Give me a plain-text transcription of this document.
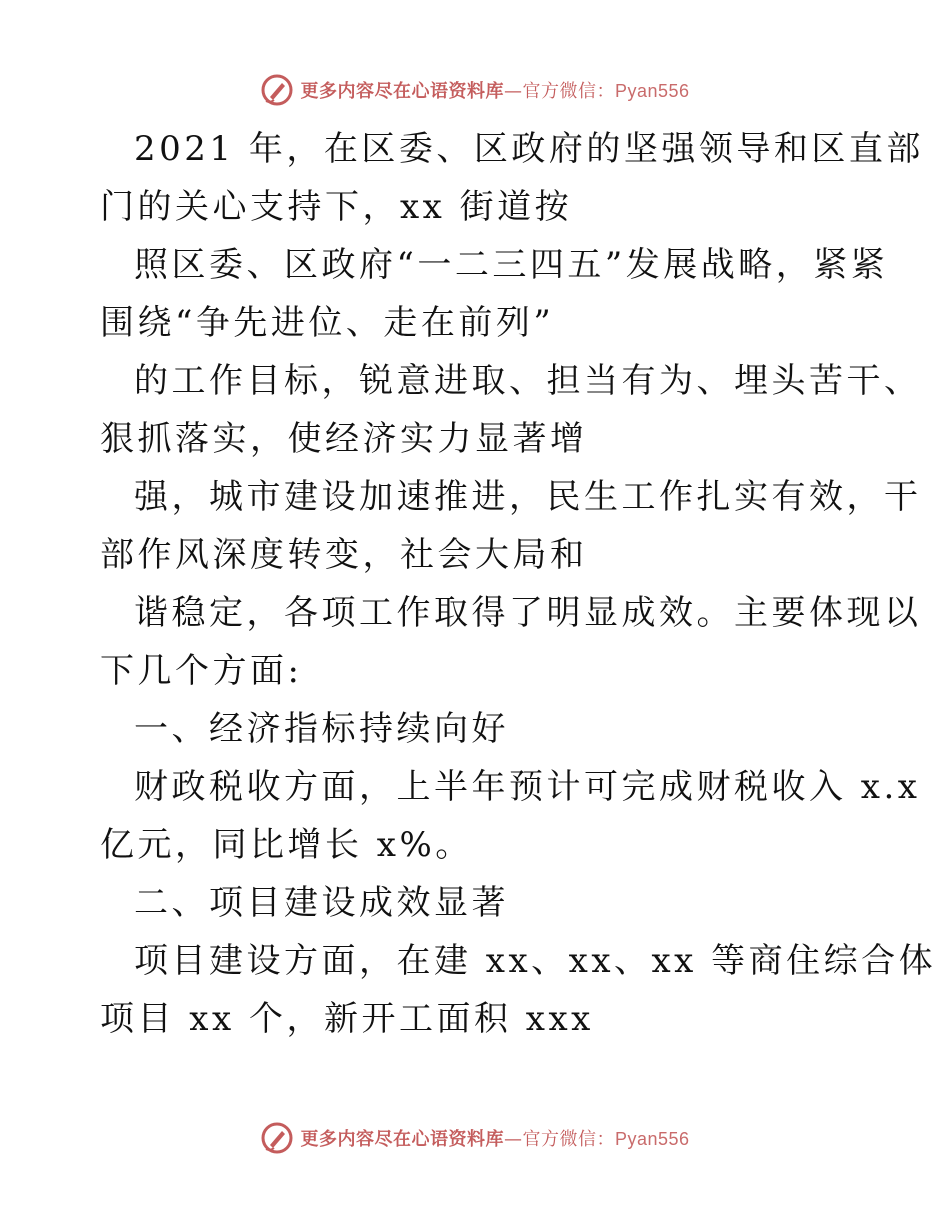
更多内容尽在心语资料库—官方微信：Pyan556
2021 年，在区委、区政府的坚强领导和区直部
门的关心支持下，xx 街道按
照区委、区政府“一二三四五”发展战略，紧紧
围绕“争先进位、走在前列”
的工作目标，锐意进取、担当有为、埋头苦干、
狠抓落实，使经济实力显著增
强，城市建设加速推进，民生工作扎实有效，干
部作风深度转变，社会大局和
谐稳定，各项工作取得了明显成效。主要体现以
下几个方面:
一、经济指标持续向好
财政税收方面，上半年预计可完成财税收入 x.x
亿元，同比增长 x%。
二、项目建设成效显著
项目建设方面，在建 xx、xx、xx 等商住综合体
项目 xx 个，新开工面积 xxx
更多内容尽在心语资料库—官方微信：Pyan556
